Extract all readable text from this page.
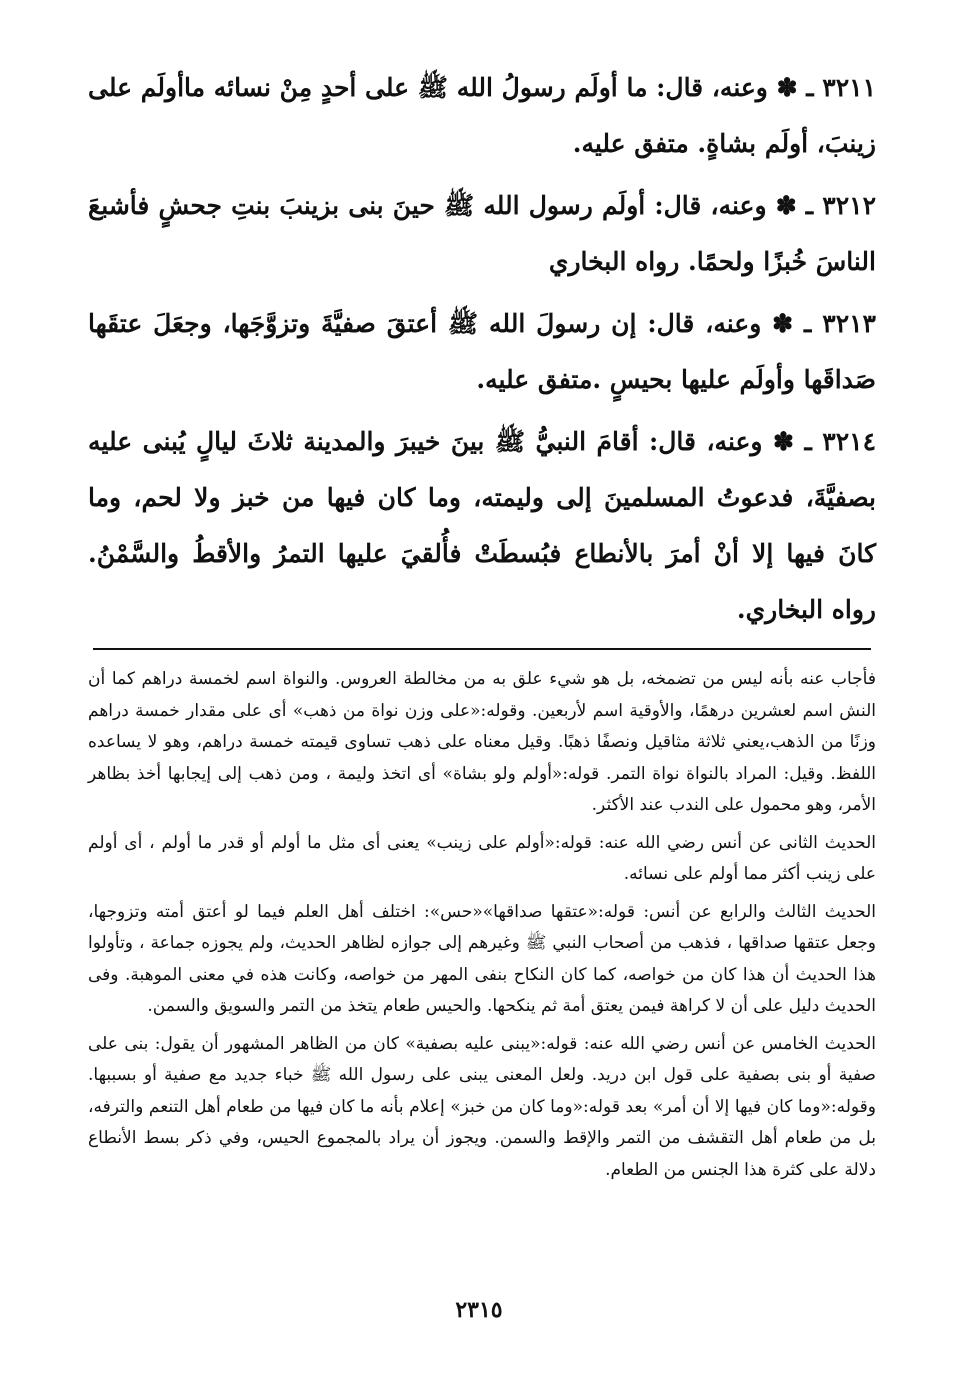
٣٢١١ ـ ✽ وعنه، قال: ما أولَم رسولُ الله ﷺ على أحدٍ مِنْ نسائه ماأولَم على زينبَ، أولَم بشاةٍ. متفق عليه.

٣٢١٢ ـ ✽ وعنه، قال: أولَم رسول الله ﷺ حينَ بنى بزينبَ بنتِ جحشٍ فأشبعَ الناسَ خُبزًا ولحمًا. رواه البخاري

٣٢١٣ ـ ✽ وعنه، قال: إن رسولَ الله ﷺ أعتقَ صفيَّةَ وتزوَّجَها، وجعَلَ عتقَها صَداقَها وأولَم عليها بحيسٍ .متفق عليه.

٣٢١٤ ـ ✽ وعنه، قال: أقامَ النبيُّ ﷺ بينَ خيبرَ والمدينة ثلاثَ ليالٍ يُبنى عليه بصفيَّةَ، فدعوتُ المسلمينَ إلى وليمته، وما كان فيها من خبز ولا لحم، وما كانَ فيها إلا أنْ أمرَ بالأنطاع فبُسطَتْ فأُلقيَ عليها التمرُ والأقطُ والسَّمْنُ. رواه البخاري.

فأجاب عنه بأنه ليس من تضمخه، بل هو شيء علق به من مخالطة العروس. والنواة اسم لخمسة دراهم كما أن النش اسم لعشرين درهمًا، والأوقية اسم لأربعين. وقوله:«على وزن نواة من ذهب» أى على مقدار خمسة دراهم وزنًا من الذهب،يعني ثلاثة مثاقيل ونصفًا ذهبًا. وقيل معناه على ذهب تساوى قيمته خمسة دراهم، وهو لا يساعده اللفظ. وقيل: المراد بالنواة نواة التمر. قوله:«أولم ولو بشاة» أى اتخذ وليمة ، ومن ذهب إلى إيجابها أخذ بظاهر الأمر، وهو محمول على الندب عند الأكثر.

الحديث الثانى عن أنس رضي الله عنه: قوله:«أولم على زينب» يعنى أى مثل ما أولم أو قدر ما أولم ، أى أولم على زينب أكثر مما أولم على نسائه.

الحديث الثالث والرابع عن أنس: قوله:«عتقها صداقها»«حس»: اختلف أهل العلم فيما لو أعتق أمته وتزوجها، وجعل عتقها صداقها ، فذهب من أصحاب النبي ﷺ وغيرهم إلى جوازه لظاهر الحديث، ولم يجوزه جماعة ، وتأولوا هذا الحديث أن هذا كان من خواصه، كما كان النكاح بنفى المهر من خواصه، وكانت هذه في معنى الموهبة. وفى الحديث دليل على أن لا كراهة فيمن يعتق أمة ثم ينكحها. والحيس طعام يتخذ من التمر والسويق والسمن.

الحديث الخامس عن أنس رضي الله عنه: قوله:«يبنى عليه بصفية» كان من الظاهر المشهور أن يقول: بنى على صفية أو بنى بصفية على قول ابن دريد. ولعل المعنى يبنى على رسول الله ﷺ خباء جديد مع صفية أو بسببها. وقوله:«وما كان فيها إلا أن أمر» بعد قوله:«وما كان من خبز» إعلام بأنه ما كان فيها من طعام أهل التنعم والترفه، بل من طعام أهل التقشف من التمر والإقط والسمن. ويجوز أن يراد بالمجموع الحيس، وفي ذكر بسط الأنطاع دلالة على كثرة هذا الجنس من الطعام.

٢٣١٥
